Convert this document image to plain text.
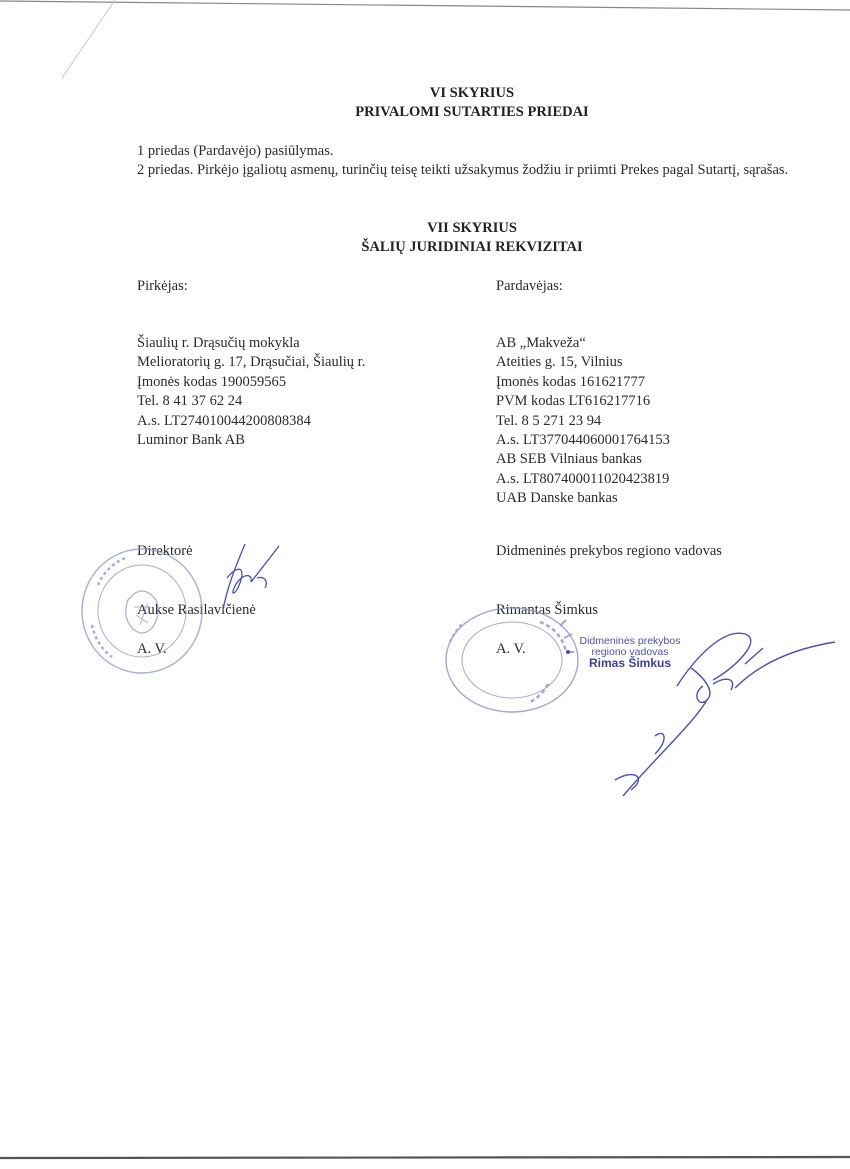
VI SKYRIUS
PRIVALOMI SUTARTIES PRIEDAI
1 priedas (Pardavėjo) pasiūlymas.
2 priedas. Pirkėjo įgaliotų asmenų, turinčių teisę teikti užsakymus žodžiu ir priimti Prekes pagal Sutartį, sąrašas.
VII SKYRIUS
ŠALIŲ JURIDINIAI REKVIZITAI
Pirkėjas:
Šiaulių r. Drąsučių mokykla
Melioratorių g. 17, Drąsučiai, Šiaulių r.
Įmonės kodas 190059565
Tel. 8 41 37 62 24
A.s. LT274010044200808384
Luminor Bank AB
Direktorė
Aukse Rasilavičienė
A. V.
Pardavėjas:
AB „Makveža“
Ateities g. 15, Vilnius
Įmonės kodas 161621777
PVM kodas LT616217716
Tel. 8 5 271 23 94
A.s. LT377044060001764153
AB SEB Vilniaus bankas
A.s. LT807400011020423819
UAB Danske bankas
Didmeninės prekybos regiono vadovas
Rimantas Šimkus
A. V.	Didmeninės prekybos
regiono vadovas
Rimas Šimkus
